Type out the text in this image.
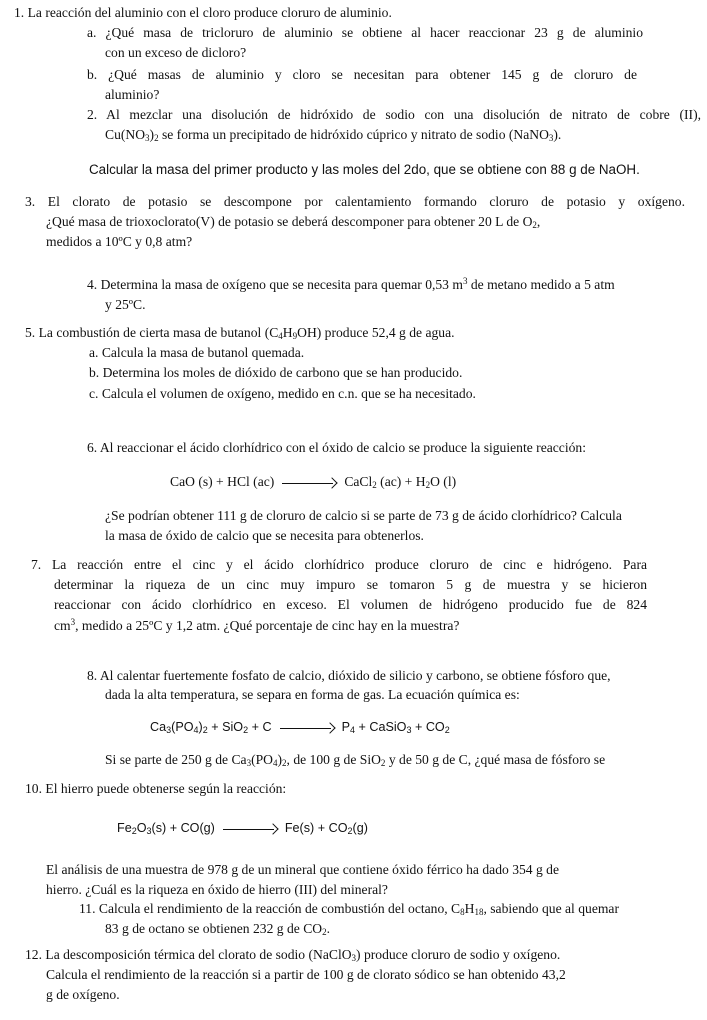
1. La reacción del aluminio con el cloro produce cloruro de aluminio.
a. ¿Qué masa de tricloruro de aluminio se obtiene al hacer reaccionar 23 g de aluminio
con un exceso de dicloro?
b. ¿Qué masas de aluminio y cloro se necesitan para obtener 145 g de cloruro de
aluminio?
2. Al mezclar una disolución de hidróxido de sodio con una disolución de nitrato de cobre (II),
$Cu(NO_3)_2$ se forma un precipitado de hidróxido cúprico y nitrato de sodio (NaNO$_3$).
Calcular la masa del primer producto y las moles del 2do, que se obtiene con 88 g de NaOH.
3. El clorato de potasio se descompone por calentamiento formando cloruro de potasio y oxígeno.
¿Qué masa de trioxoclorato(V) de potasio se deberá descomponer para obtener 20 L de $O_2$,
medidos a 10ºC y 0,8 atm?
4. Determina la masa de oxígeno que se necesita para quemar 0,53 $m^3$ de metano medido a 5 atm
y 25ºC.
5. La combustión de cierta masa de butanol $(C_4H_9OH)$ produce 52,4 g de agua.
a. Calcula la masa de butanol quemada.
b. Determina los moles de dióxido de carbono que se han producido.
c. Calcula el volumen de oxígeno, medido en c.n. que se ha necesitado.
6. Al reaccionar el ácido clorhídrico con el óxido de calcio se produce la siguiente reacción:
CaO (s) + HCl (ac)	CaCl$_2$ $(ac) + H_2O$ (l)
¿Se podrían obtener 111 g de cloruro de calcio si se parte de 73 g de ácido clorhídrico? Calcula
la masa de óxido de calcio que se necesita para obtenerlos.
7. La reacción entre el cinc y el ácido clorhídrico produce cloruro de cinc e hidrógeno. Para
determinar la riqueza de un cinc muy impuro se tomaron 5 g de muestra y se hicieron
reaccionar con ácido clorhídrico en exceso. El volumen de hidrógeno producido fue de 824
$cm^3$, medido a 25ºC y 1,2 atm. ¿Qué porcentaje de cinc hay en la muestra?
8. Al calentar fuertemente fosfato de calcio, dióxido de silicio y carbono, se obtiene fósforo que,
dada la alta temperatura, se separa en forma de gas. La ecuación química es:
$Ca_3(PO_4)_2 + SiO_2 + C$	$P_4$ + CaSiO$_3$ + $CO_2$
Si se parte de 250 g de $Ca_3(PO_4)_2$, de 100 g de SiO$_2$ y de 50 g de C, ¿qué masa de fósforo se
10. El hierro puede obtenerse según la reacción:
$Fe_2O_3(s) + CO(g)$	$Fe(s) + CO_2(g)$
El análisis de una muestra de 978 g de un mineral que contiene óxido férrico ha dado 354 g de
hierro. ¿Cuál es la riqueza en óxido de hierro (III) del mineral?
11. Calcula el rendimiento de la reacción de combustión del octano, $C_8H_{18}$, sabiendo que al quemar
83 g de octano se obtienen 232 g de $CO_2$.
12. La descomposición térmica del clorato de sodio (NaClO$_3$) produce cloruro de sodio y oxígeno.
Calcula el rendimiento de la reacción si a partir de 100 g de clorato sódico se han obtenido 43,2
g de oxígeno.
